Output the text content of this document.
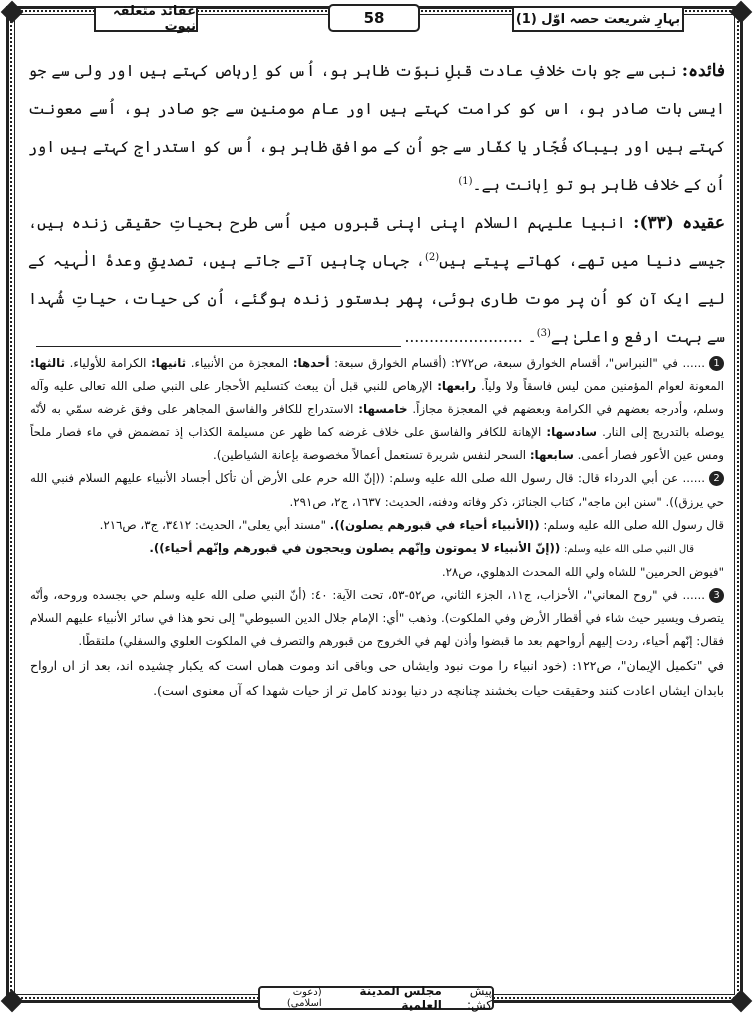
بہارِ شریعت حصہ اوّل (1)
58
عقائد متعلقہ نبوت

فائدہ: نبی سے جو بات خلافِ عادت قبلِ نبوّت ظاہر ہو، اُس کو اِرہاص کہتے ہیں اور ولی سے جو ایسی بات صادر ہو، اس کو کرامت کہتے ہیں اور عام مومنین سے جو صادر ہو، اُسے معونت کہتے ہیں اور بیباک فُجّار یا کفّار سے جو اُن کے موافق ظاہر ہو، اُس کو استدراج کہتے ہیں اور اُن کے خلاف ظاہر ہو تو اِہانت ہے۔$^{(1)}$

عقیدہ (۳۳): انبیا علیہم السلام اپنی اپنی قبروں میں اُسی طرح بحیاتِ حقیقی زندہ ہیں، جیسے دنیا میں تھے، کھاتے پیتے ہیں$^{(2)}$، جہاں چاہیں آتے جاتے ہیں، تصدیقِ وعدۂ الٰہیہ کے لیے ایک آن کو اُن پر موت طاری ہوئی، پھر بدستور زندہ ہوگئے، اُن کی حیات، حیاتِ شُہدا سے بہت ارفع واعلیٰ ہے$^{(3)}$۔ ........................

1...... في "النبراس"، أقسام الخوارق سبعة، ص٢٧٢: (أقسام الخوارق سبعة: أحدها: المعجزة من الأنبياء. ثانيها: الكرامة للأولياء. ثالثها: المعونة لعوام المؤمنين ممن ليس فاسقاً ولا ولياً. رابعها: الإرهاص للنبي قبل أن يبعث كتسليم الأحجار على النبي صلى الله تعالى عليه وآله وسلم، وأدرجه بعضهم في الكرامة وبعضهم في المعجزة مجازاً. خامسها: الاستدراج للكافر والفاسق المجاهر على وفق غرضه سمّي به لأنّه يوصله بالتدريج إلى النار. سادسها: الإهانة للكافر والفاسق على خلاف غرضه كما ظهر عن مسيلمة الكذاب إذ تمضمض في ماء فصار ملحاً ومس عين الأعور فصار أعمى. سابعها: السحر لنفس شريرة تستعمل أعمالاً مخصوصة بإعانة الشياطين).

2...... عن أبي الدرداء قال: قال رسول الله صلى الله عليه وسلم: ((إنّ الله حرم على الأرض أن تأكل أجساد الأنبياء عليهم السلام فنبي الله حي يرزق)). "سنن ابن ماجه"، كتاب الجنائز، ذكر وفاته ودفنه، الحديث: ١٦٣٧، ج٢، ص٢٩١.

قال رسول الله صلى الله عليه وسلم: ((الأنبياء أحياء في قبورهم يصلون)). "مسند أبي يعلى"، الحديث: ٣٤١٢، ج٣، ص٢١٦.

قال النبي صلى الله عليه وسلم: ((إنّ الأنبياء لا يموتون وإنّهم يصلون ويحجون في قبورهم وإنّهم أحياء)).

"فيوض الحرمين" للشاه ولي الله المحدث الدهلوي، ص٢٨.

3...... في "روح المعاني"، الأحزاب، ج١١، الجزء الثاني، ص٥٢-٥٣، تحت الآية: ٤٠: (أنّ النبي صلى الله عليه وسلم حي بجسده وروحه، وأنّه يتصرف ويسير حيث شاء في أقطار الأرض وفي الملكوت). وذهب "أي: الإمام جلال الدين السيوطي" إلى نحو هذا في سائر الأنبياء عليهم السلام فقال: إنّهم أحياء، ردت إليهم أرواحهم بعد ما قبضوا وأذن لهم في الخروج من قبورهم والتصرف في الملكوت العلوي والسفلي) ملتقطًا.

في "تكميل الإيمان"، ص١٢٢: (خود انبياء را موت نبود وايشاں حی وباقی اند وموت هماں است که يکبار چشيده اند، بعد از اں ارواح بابدان ايشاں اعادت کنند وحقيقت حيات بخشند چنانچه در دنيا بودند کامل تر از حيات شهدا که آں معنوی است).

پیش کش:
مجلس المدينة العلمية
(دعوت اسلامی)
